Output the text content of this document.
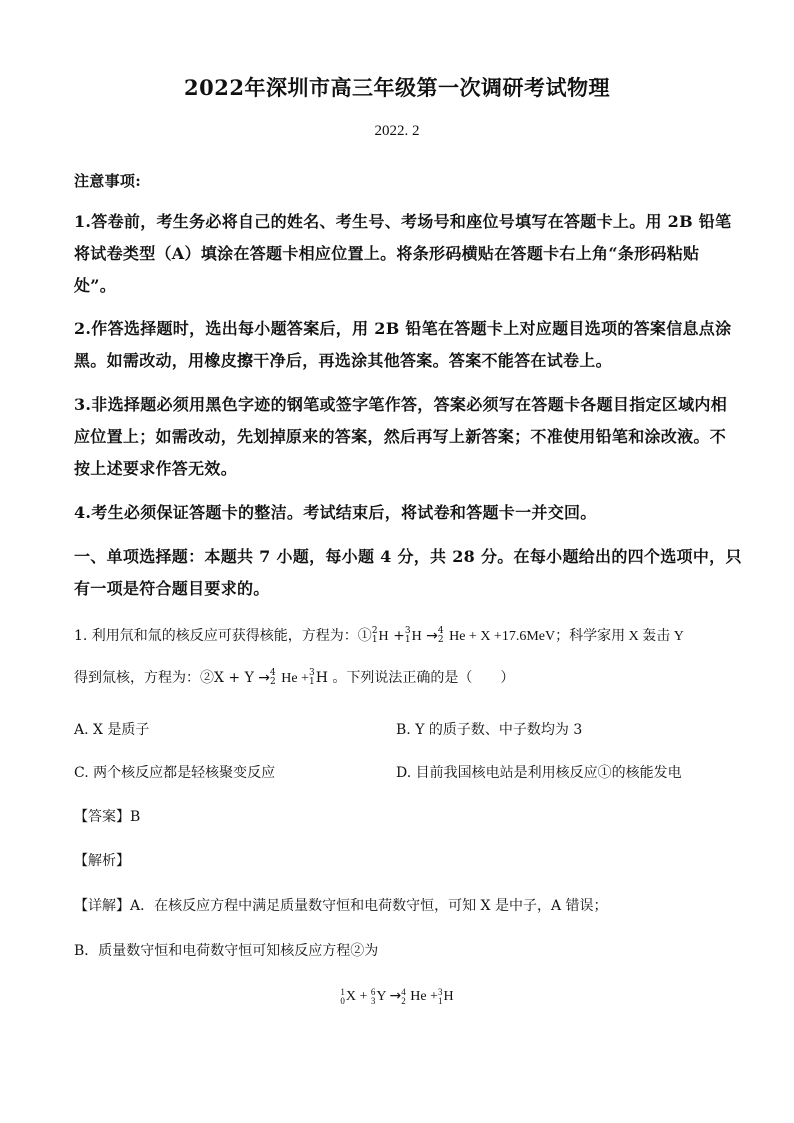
2022年深圳市高三年级第一次调研考试物理
2022. 2
注意事项:
1.答卷前，考生务必将自己的姓名、考生号、考场号和座位号填写在答题卡上。用 2B 铅笔
将试卷类型（A）填涂在答题卡相应位置上。将条形码横贴在答题卡右上角“条形码粘贴
处”。
2.作答选择题时，选出每小题答案后，用 2B 铅笔在答题卡上对应题目选项的答案信息点涂
黑。如需改动，用橡皮擦干净后，再选涂其他答案。答案不能答在试卷上。
3.非选择题必须用黑色字迹的钢笔或签字笔作答，答案必须写在答题卡各题目指定区域内相
应位置上；如需改动，先划掉原来的答案，然后再写上新答案；不准使用铅笔和涂改液。不
按上述要求作答无效。
4.考生必须保证答题卡的整洁。考试结束后，将试卷和答题卡一并交回。
一、单项选择题：本题共 7 小题，每小题 4 分，共 28 分。在每小题给出的四个选项中，只
有一项是符合题目要求的。
1. 利用氘和氚的核反应可获得核能，方程为：① 2
1 H + 3
1 H → 4
2 He + X +17.6MeV；科学家用 X 轰击 Y
得到氚核，方程为：②X + Y → 4
2 He + 3
1 H 。下列说法正确的是（　　）
A. X 是质子	B. Y 的质子数、中子数均为 3
C. 两个核反应都是轻核聚变反应	D. 目前我国核电站是利用核反应①的核能发电
【答案】B
【解析】
【详解】A．在核反应方程中满足质量数守恒和电荷数守恒，可知 X 是中子，A 错误；
B．质量数守恒和电荷数守恒可知核反应方程②为
1
0 X + 6
3 Y → 4
2 He + 3
1 H
